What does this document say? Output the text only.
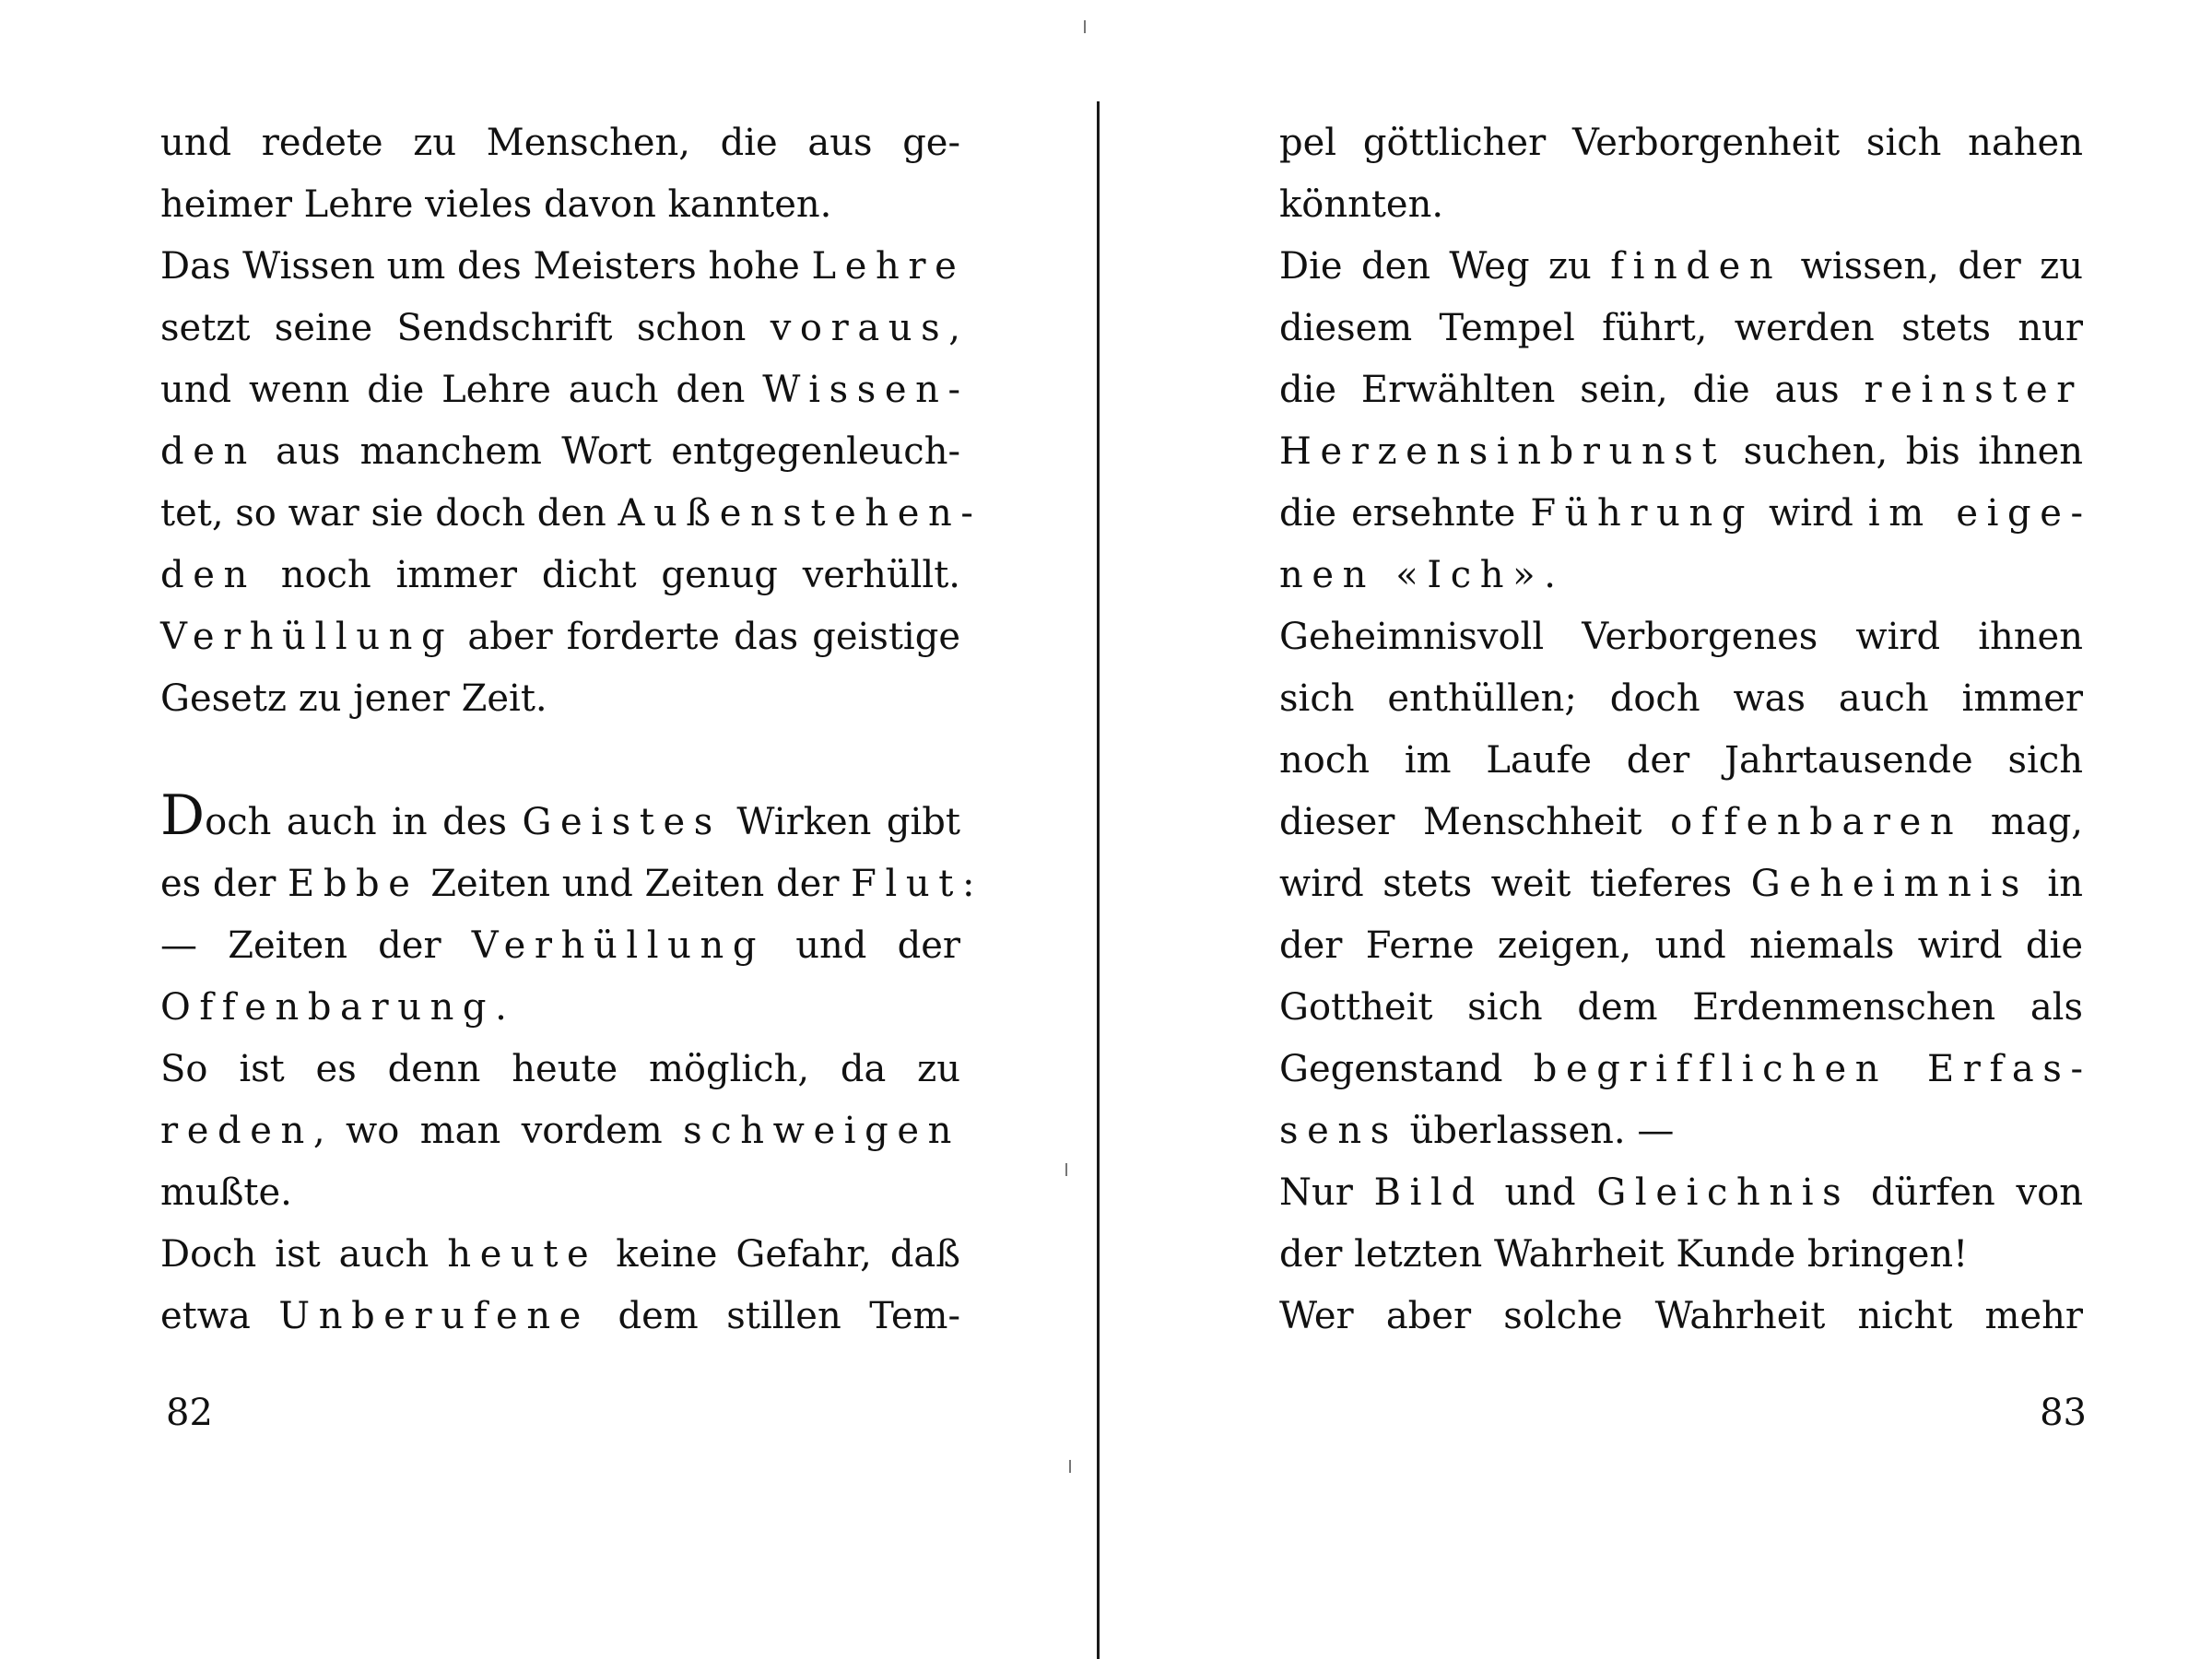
und redete zu Menschen, die aus ge-
heimer Lehre vieles davon kannten.
Das Wissen um des Meisters hohe Lehre
setzt seine Sendschrift schon voraus,
und wenn die Lehre auch den Wissen-
den aus manchem Wort entgegenleuch-
tet, so war sie doch den Außenstehen-
den noch immer dicht genug verhüllt.
Verhüllung aber forderte das geistige
Gesetz zu jener Zeit.
Doch auch in des Geistes Wirken gibt
es der Ebbe Zeiten und Zeiten der Flut:
— Zeiten der Verhüllung und der
Offenbarung.
So ist es denn heute möglich, da zu
reden, wo man vordem schweigen
mußte.
Doch ist auch heute keine Gefahr, daß
etwa Unberufene dem stillen Tem-
82
pel göttlicher Verborgenheit sich nahen
könnten.
Die den Weg zu finden wissen, der zu
diesem Tempel führt, werden stets nur
die Erwählten sein, die aus reinster
Herzensinbrunst suchen, bis ihnen
die ersehnte Führung wird im eige-
nen «Ich».
Geheimnisvoll Verborgenes wird ihnen
sich enthüllen; doch was auch immer
noch im Laufe der Jahrtausende sich
dieser Menschheit offenbaren mag,
wird stets weit tieferes Geheimnis in
der Ferne zeigen, und niemals wird die
Gottheit sich dem Erdenmenschen als
Gegenstand begrifflichen Erfas-
sens überlassen. —
Nur Bild und Gleichnis dürfen von
der letzten Wahrheit Kunde bringen!
Wer aber solche Wahrheit nicht mehr
83
